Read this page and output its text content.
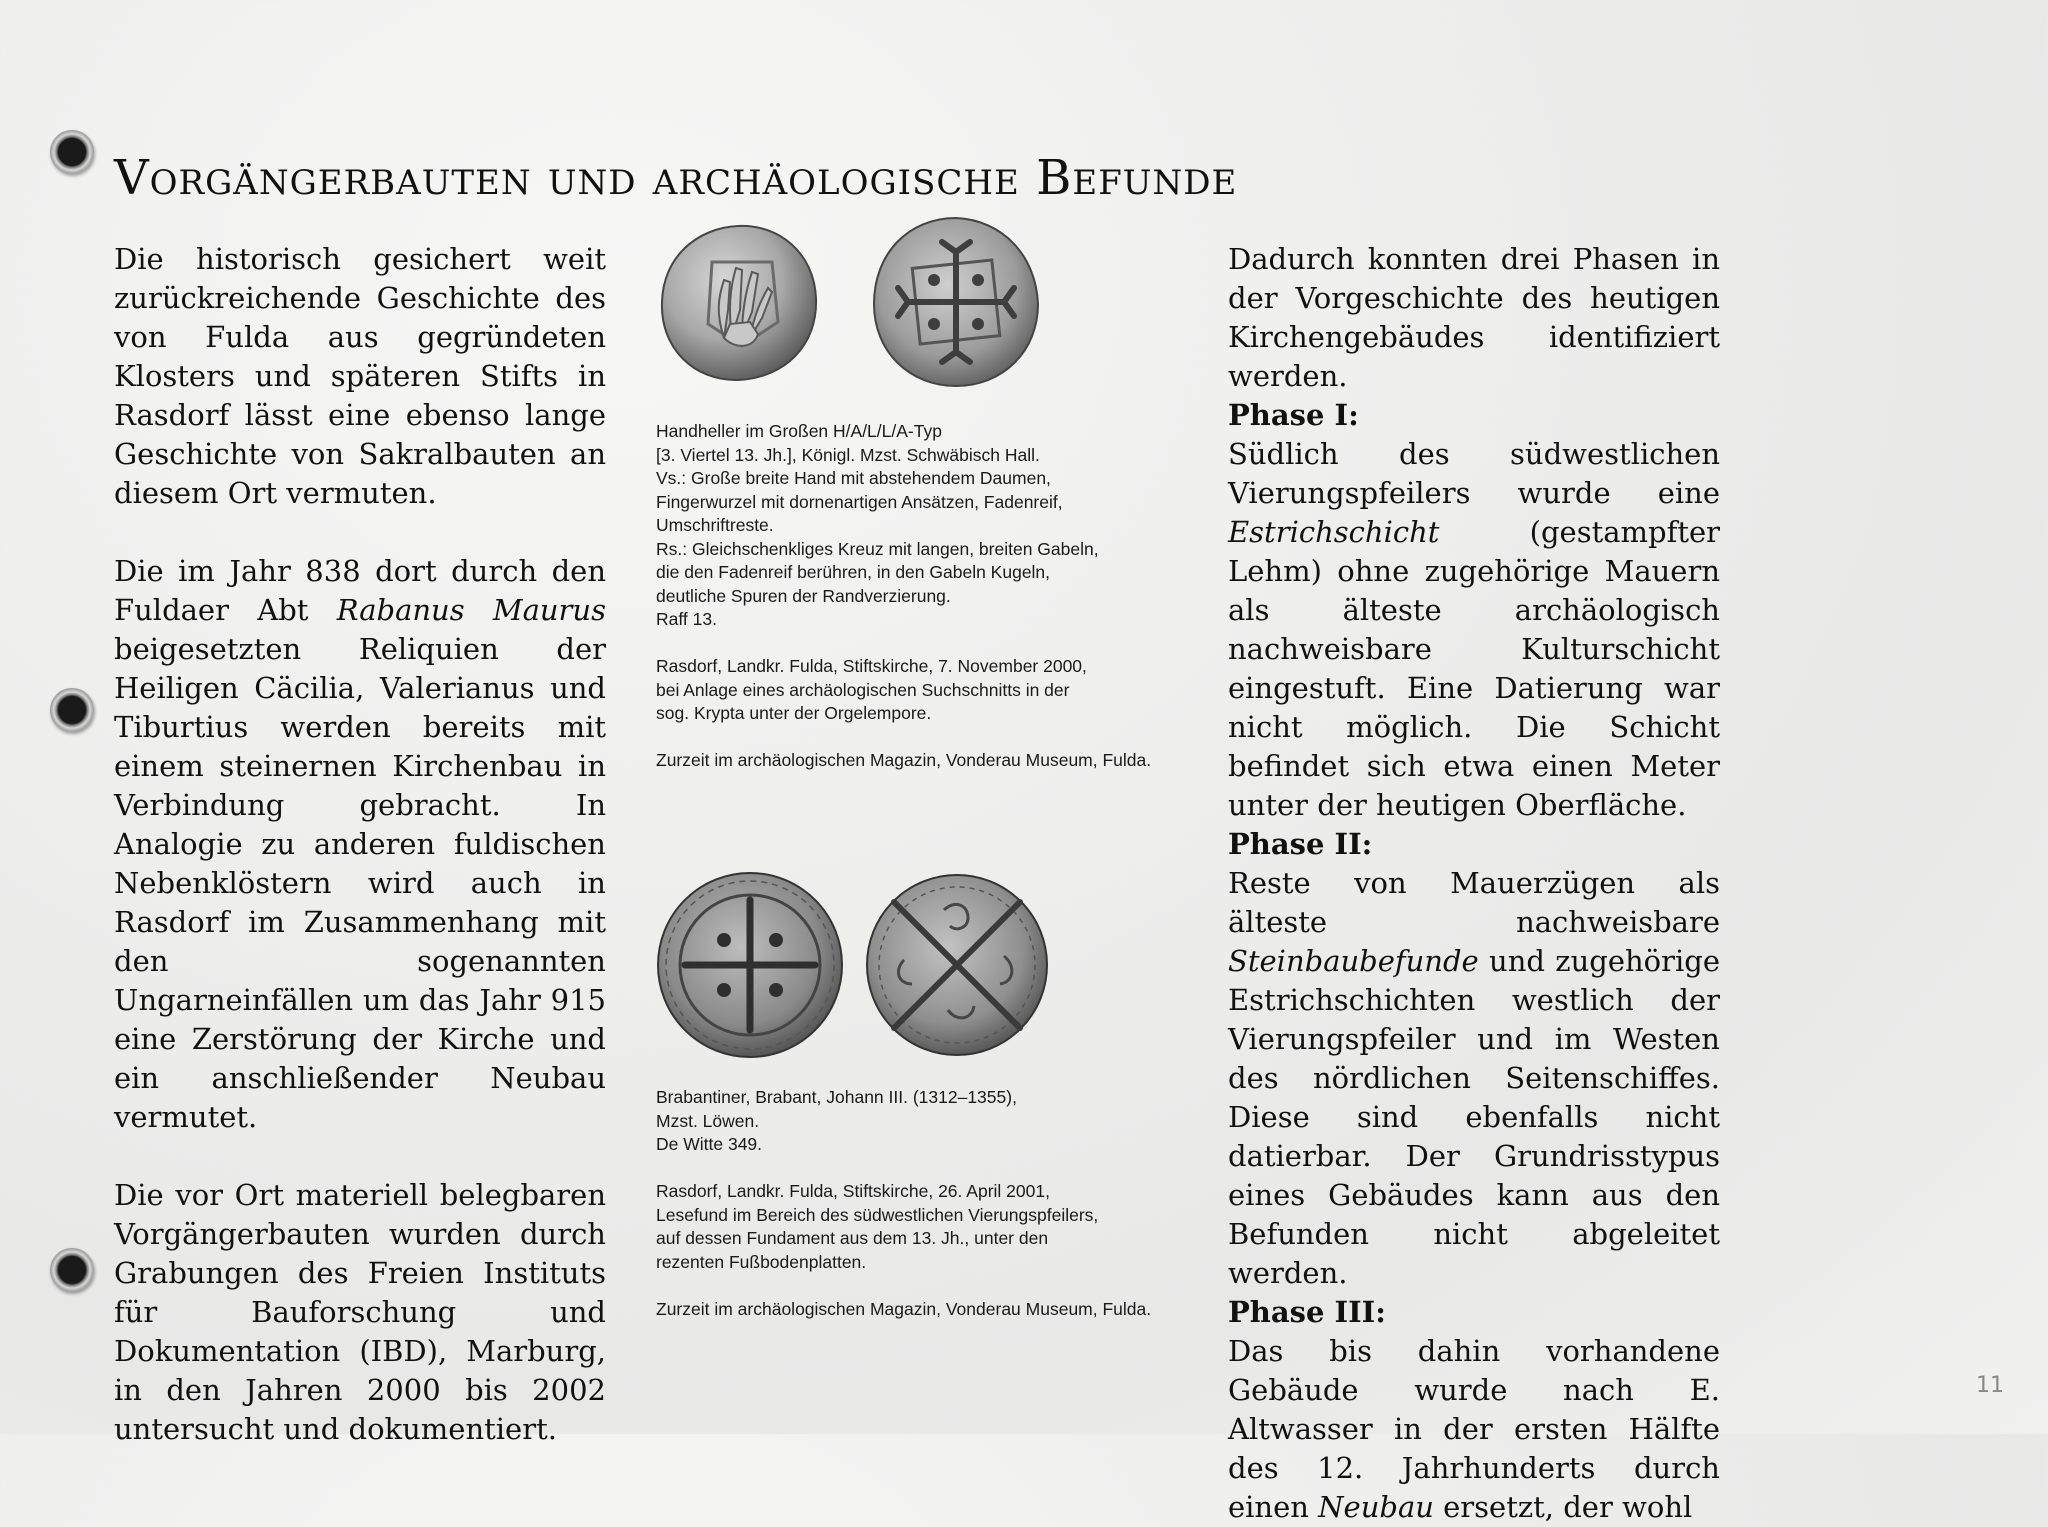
Vorgängerbauten und archäologische Befunde

Die historisch gesichert weit zurückreichende Geschichte des von Fulda aus gegründeten Klosters und späteren Stifts in Rasdorf lässt eine ebenso lange Geschichte von Sakralbauten an diesem Ort vermuten.

Die im Jahr 838 dort durch den Fuldaer Abt Rabanus Maurus beigesetzten Reliquien der Heiligen Cäcilia, Valerianus und Tiburtius werden bereits mit einem steinernen Kirchenbau in Verbindung gebracht. In Analogie zu anderen fuldischen Nebenklöstern wird auch in Rasdorf im Zusammenhang mit den sogenannten Ungarneinfällen um das Jahr 915 eine Zerstörung der Kirche und ein anschließender Neubau vermutet.

Die vor Ort materiell belegbaren Vorgängerbauten wurden durch Grabungen des Freien Instituts für Bauforschung und Dokumentation (IBD), Marburg, in den Jahren 2000 bis 2002 untersucht und dokumentiert.

Handheller im Großen H/A/L/L/A-Typ
[3. Viertel 13. Jh.], Königl. Mzst. Schwäbisch Hall.
Vs.: Große breite Hand mit abstehendem Daumen,
Fingerwurzel mit dornenartigen Ansätzen, Fadenreif,
Umschriftreste.
Rs.: Gleichschenkliges Kreuz mit langen, breiten Gabeln,
die den Fadenreif berühren, in den Gabeln Kugeln,
deutliche Spuren der Randverzierung.
Raff 13.

Rasdorf, Landkr. Fulda, Stiftskirche, 7. November 2000,
bei Anlage eines archäologischen Suchschnitts in der
sog. Krypta unter der Orgelempore.

Zurzeit im archäologischen Magazin, Vonderau Museum, Fulda.

Brabantiner, Brabant, Johann III. (1312–1355),
Mzst. Löwen.
De Witte 349.

Rasdorf, Landkr. Fulda, Stiftskirche, 26. April 2001,
Lesefund im Bereich des südwestlichen Vierungspfeilers,
auf dessen Fundament aus dem 13. Jh., unter den
rezenten Fußbodenplatten.

Zurzeit im archäologischen Magazin, Vonderau Museum, Fulda.

Dadurch konnten drei Phasen in der Vorgeschichte des heutigen Kirchengebäudes identifiziert werden.

Phase I:

Südlich des südwestlichen Vierungspfeilers wurde eine Estrichschicht (gestampfter Lehm) ohne zugehörige Mauern als älteste archäologisch nachweisbare Kulturschicht eingestuft. Eine Datierung war nicht möglich. Die Schicht befindet sich etwa einen Meter unter der heutigen Oberfläche.

Phase II:

Reste von Mauerzügen als älteste nachweisbare Steinbaubefunde und zugehörige Estrichschichten westlich der Vierungspfeiler und im Westen des nördlichen Seitenschiffes. Diese sind ebenfalls nicht datierbar. Der Grundrisstypus eines Gebäudes kann aus den Befunden nicht abgeleitet werden.

Phase III:

Das bis dahin vorhandene Gebäude wurde nach E. Altwasser in der ersten Hälfte des 12. Jahrhunderts durch einen Neubau ersetzt, der wohl

11
